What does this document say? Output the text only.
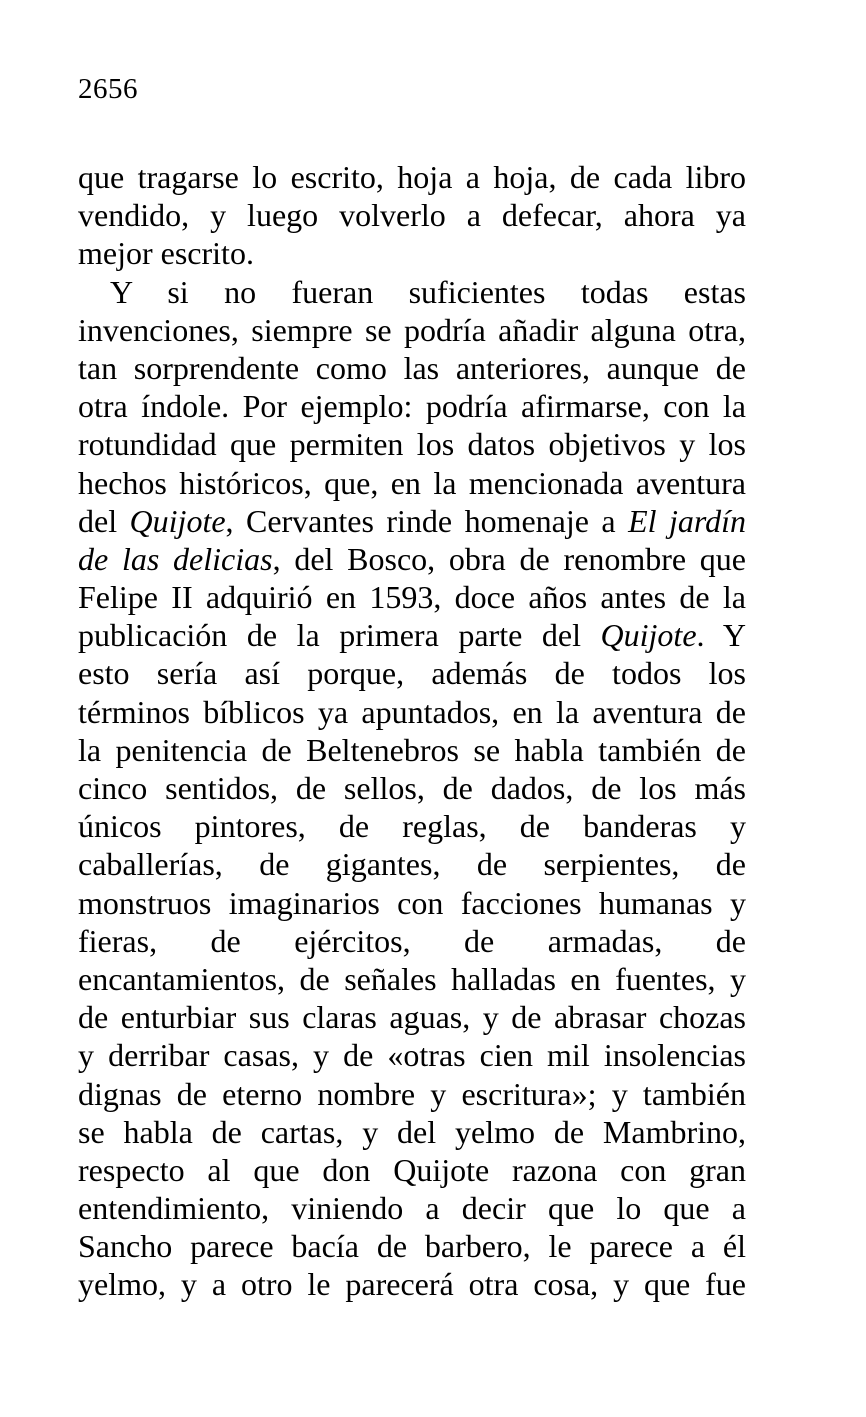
2656
que tragarse lo escrito, hoja a hoja, de cada libro
vendido, y luego volverlo a defecar, ahora ya
mejor escrito.
Y si no fueran suficientes todas estas
invenciones, siempre se podría añadir alguna otra,
tan sorprendente como las anteriores, aunque de
otra índole. Por ejemplo: podría afirmarse, con la
rotundidad que permiten los datos objetivos y los
hechos históricos, que, en la mencionada aventura
del Quijote, Cervantes rinde homenaje a El jardín
de las delicias, del Bosco, obra de renombre que
Felipe II adquirió en 1593, doce años antes de la
publicación de la primera parte del Quijote. Y
esto sería así porque, además de todos los
términos bíblicos ya apuntados, en la aventura de
la penitencia de Beltenebros se habla también de
cinco sentidos, de sellos, de dados, de los más
únicos pintores, de reglas, de banderas y
caballerías, de gigantes, de serpientes, de
monstruos imaginarios con facciones humanas y
fieras, de ejércitos, de armadas, de
encantamientos, de señales halladas en fuentes, y
de enturbiar sus claras aguas, y de abrasar chozas
y derribar casas, y de «otras cien mil insolencias
dignas de eterno nombre y escritura»; y también
se habla de cartas, y del yelmo de Mambrino,
respecto al que don Quijote razona con gran
entendimiento, viniendo a decir que lo que a
Sancho parece bacía de barbero, le parece a él
yelmo, y a otro le parecerá otra cosa, y que fue
